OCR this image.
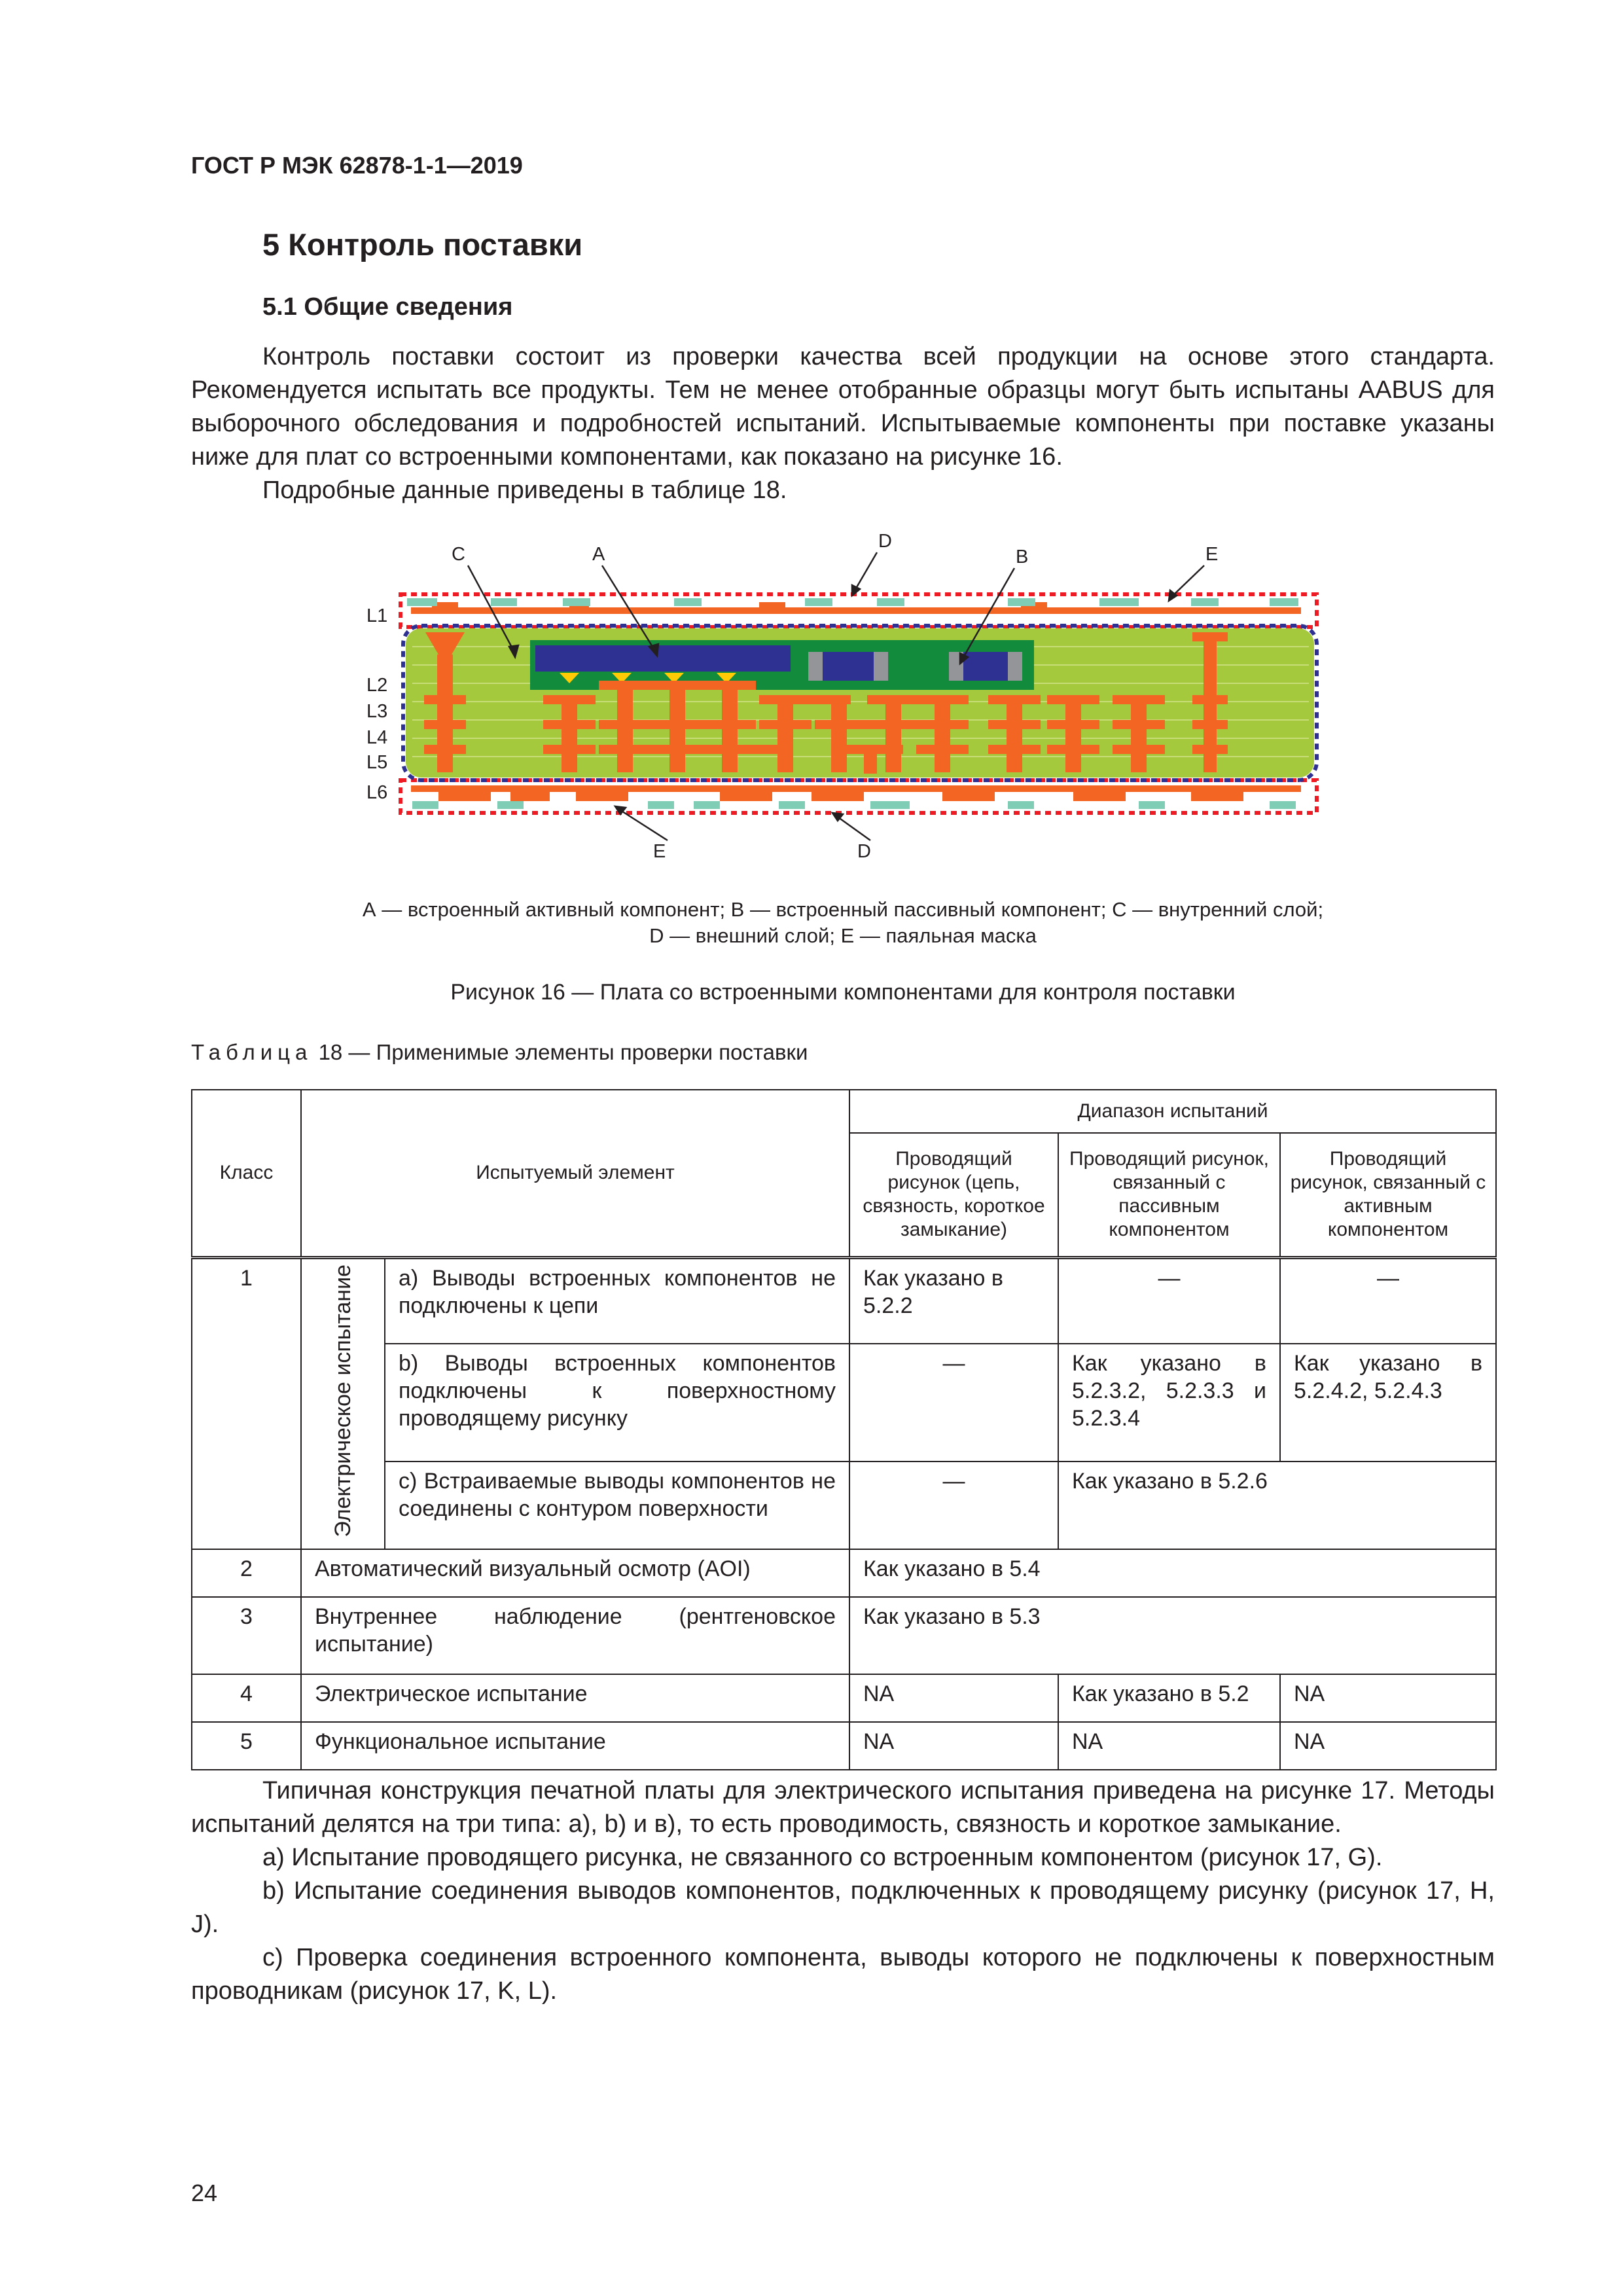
ГОСТ Р МЭК 62878-1-1—2019
5 Контроль поставки
5.1 Общие сведения

Контроль поставки состоит из проверки качества всей продукции на основе этого стандарта. Рекомендуется испытать все продукты. Тем не менее отобранные образцы могут быть испытаны AABUS для выборочного обследования и подробностей испытаний. Испытываемые компоненты при поставке указаны ниже для плат со встроенными компонентами, как показано на рисунке 16.

Подробные данные приведены в таблице 18.

L1
L2
L3
L4
L5
L6
C	A
D
B	E
E	D
А — встроенный активный компонент; В — встроенный пассивный компонент; С — внутренний слой;
D — внешний слой; Е — паяльная маска
Рисунок 16 — Плата со встроенными компонентами для контроля поставки
Таблица 18 — Применимые элементы проверки поставки
Класс	Испытуемый элемент		Диапазон испытаний		
			Проводящий рисунок (цепь, связность, короткое замыкание)	Проводящий рисунок, связанный с пассивным компонентом	Проводящий рисунок, связанный с активным компонентом
1	Электрическое испытание	a) Выводы встроенных компонентов не подключены к цепи	Как указано в 5.2.2	—	—
		b) Выводы встроенных компонентов подключены к поверхностному проводящему рисунку	—	Как указано в 5.2.3.2, 5.2.3.3 и 5.2.3.4	Как указано в 5.2.4.2, 5.2.4.3
		c) Встраиваемые выводы компонентов не соединены с контуром поверхности	—	Как указано в 5.2.6	
2	Автоматический визуальный осмотр (AOI)		Как указано в 5.4		
3	Внутреннее наблюдение (рентгеновское испытание)		Как указано в 5.3		
4	Электрическое испытание		NA	Как указано в 5.2	NA
5	Функциональное испытание		NA	NA	NA

Типичная конструкция печатной платы для электрического испытания приведена на рисунке 17. Методы испытаний делятся на три типа: а), b) и в), то есть проводимость, связность и короткое замыкание.

a) Испытание проводящего рисунка, не связанного со встроенным компонентом (рисунок 17, G).

b) Испытание соединения выводов компонентов, подключенных к проводящему рисунку (рисунок 17, H, J).

c) Проверка соединения встроенного компонента, выводы которого не подключены к поверхностным проводникам (рисунок 17, K, L).

24
